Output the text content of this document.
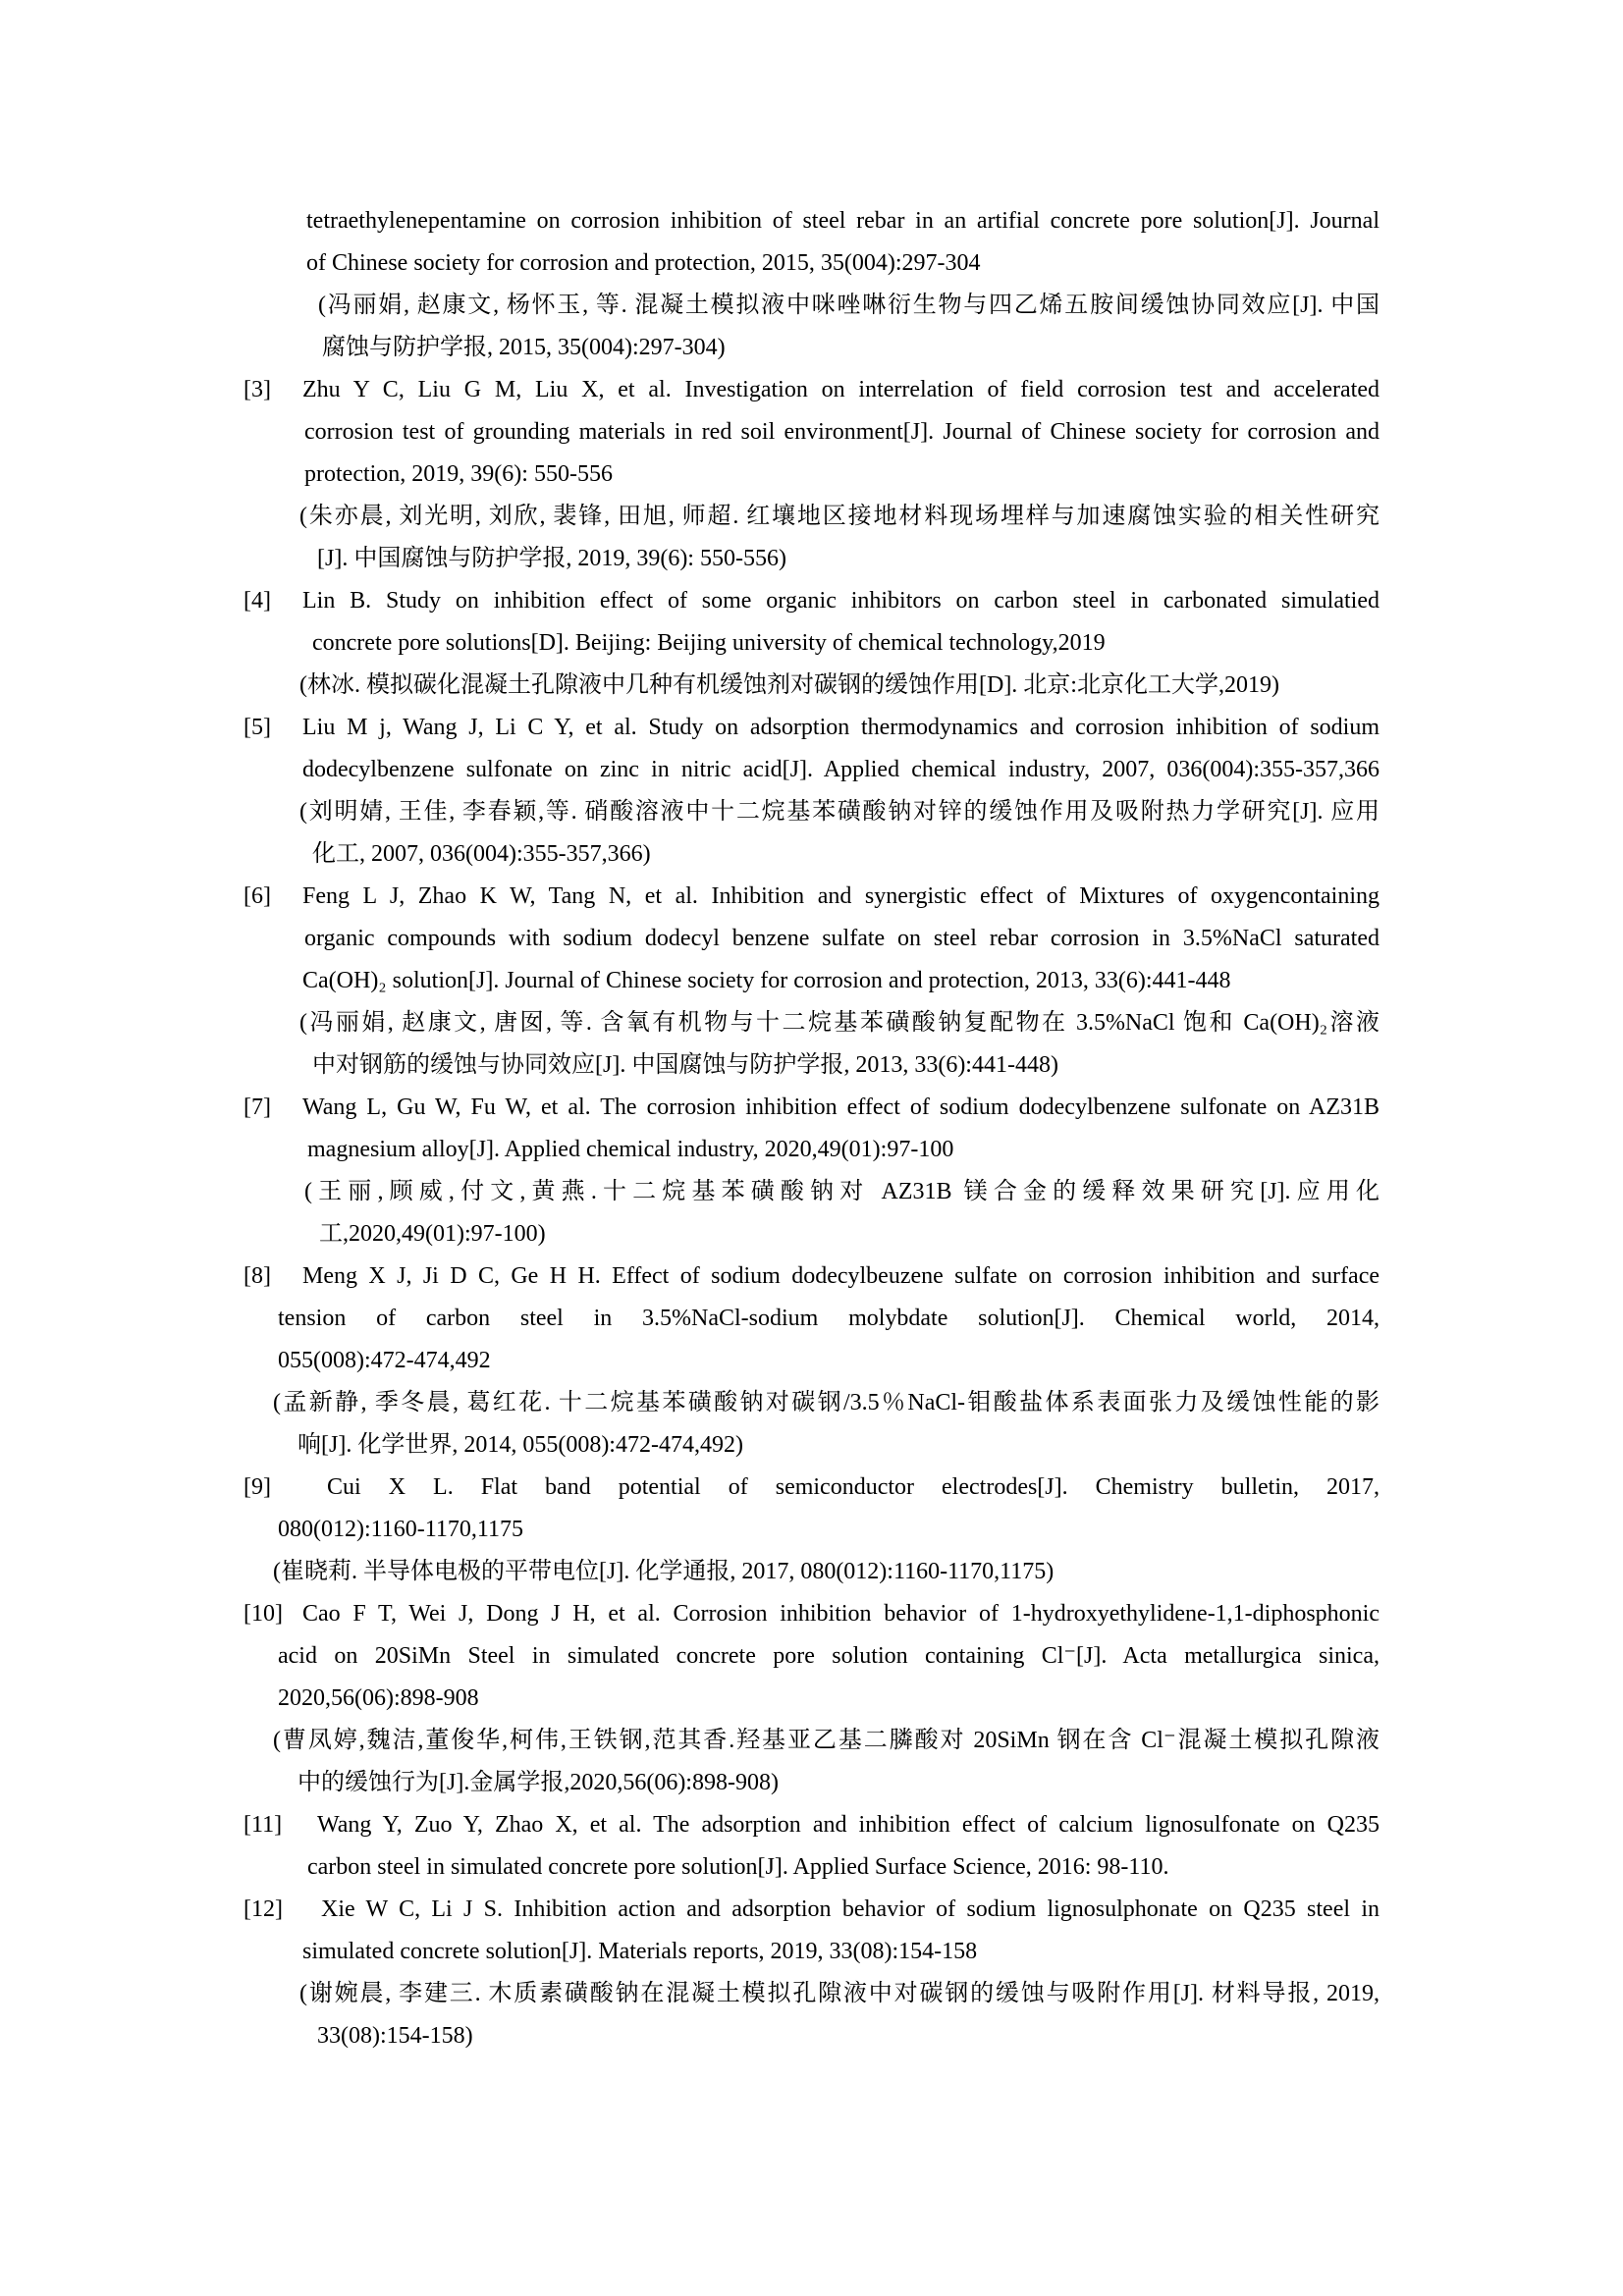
tetraethylenepentamine on corrosion inhibition of steel rebar in an artifial concrete pore solution[J]. Journal
of Chinese society for corrosion and protection, 2015, 35(004):297-304
(冯丽娟, 赵康文, 杨怀玉, 等. 混凝土模拟液中咪唑啉衍生物与四乙烯五胺间缓蚀协同效应[J]. 中国
腐蚀与防护学报, 2015, 35(004):297-304)
[3] Zhu Y C, Liu G M, Liu X, et al. Investigation on interrelation of field corrosion test and accelerated
corrosion test of grounding materials in red soil environment[J]. Journal of Chinese society for corrosion and
protection, 2019, 39(6): 550-556
(朱亦晨, 刘光明, 刘欣, 裴锋, 田旭, 师超. 红壤地区接地材料现场埋样与加速腐蚀实验的相关性研究
[J]. 中国腐蚀与防护学报, 2019, 39(6): 550-556)
[4] Lin B. Study on inhibition effect of some organic inhibitors on carbon steel in carbonated simulatied
concrete pore solutions[D]. Beijing: Beijing university of chemical technology,2019
(林冰. 模拟碳化混凝土孔隙液中几种有机缓蚀剂对碳钢的缓蚀作用[D]. 北京:北京化工大学,2019)
[5] Liu M j, Wang J, Li C Y, et al. Study on adsorption thermodynamics and corrosion inhibition of sodium
dodecylbenzene sulfonate on zinc in nitric acid[J]. Applied chemical industry, 2007, 036(004):355-357,366
(刘明婧, 王佳, 李春颖,等. 硝酸溶液中十二烷基苯磺酸钠对锌的缓蚀作用及吸附热力学研究[J]. 应用
化工, 2007, 036(004):355-357,366)
[6] Feng L J, Zhao K W, Tang N, et al. Inhibition and synergistic effect of Mixtures of oxygencontaining
organic compounds with sodium dodecyl benzene sulfate on steel rebar corrosion in 3.5%NaCl saturated
Ca(OH)₂ solution[J]. Journal of Chinese society for corrosion and protection, 2013, 33(6):441-448
(冯丽娟, 赵康文, 唐囡, 等. 含氧有机物与十二烷基苯磺酸钠复配物在 3.5%NaCl 饱和 Ca(OH)₂溶液
中对钢筋的缓蚀与协同效应[J]. 中国腐蚀与防护学报, 2013, 33(6):441-448)
[7] Wang L, Gu W, Fu W, et al. The corrosion inhibition effect of sodium dodecylbenzene sulfonate on AZ31B
magnesium alloy[J]. Applied chemical industry, 2020,49(01):97-100
(王丽,顾威,付文,黄燕.十二烷基苯磺酸钠对 AZ31B 镁合金的缓释效果研究[J].应用化
工,2020,49(01):97-100)
[8] Meng X J, Ji D C, Ge H H. Effect of sodium dodecylbeuzene sulfate on corrosion inhibition and surface
tension of carbon steel in 3.5%NaCl-sodium molybdate solution[J]. Chemical world, 2014,
055(008):472-474,492
(孟新静, 季冬晨, 葛红花. 十二烷基苯磺酸钠对碳钢/3.5％NaCl-钼酸盐体系表面张力及缓蚀性能的影
响[J]. 化学世界, 2014, 055(008):472-474,492)
[9] Cui X L. Flat band potential of semiconductor electrodes[J]. Chemistry bulletin, 2017,
080(012):1160-1170,1175
(崔晓莉. 半导体电极的平带电位[J]. 化学通报, 2017, 080(012):1160-1170,1175)
[10] Cao F T, Wei J, Dong J H, et al. Corrosion inhibition behavior of 1-hydroxyethylidene-1,1-diphosphonic
acid on 20SiMn Steel in simulated concrete pore solution containing Cl⁻[J]. Acta metallurgica sinica,
2020,56(06):898-908
(曹凤婷,魏洁,董俊华,柯伟,王铁钢,范其香.羟基亚乙基二膦酸对 20SiMn 钢在含 Cl⁻混凝土模拟孔隙液
中的缓蚀行为[J].金属学报,2020,56(06):898-908)
[11] Wang Y, Zuo Y, Zhao X, et al. The adsorption and inhibition effect of calcium lignosulfonate on Q235
carbon steel in simulated concrete pore solution[J]. Applied Surface Science, 2016: 98-110.
[12] Xie W C, Li J S. Inhibition action and adsorption behavior of sodium lignosulphonate on Q235 steel in
simulated concrete solution[J]. Materials reports, 2019, 33(08):154-158
(谢婉晨, 李建三. 木质素磺酸钠在混凝土模拟孔隙液中对碳钢的缓蚀与吸附作用[J]. 材料导报, 2019,
33(08):154-158)
